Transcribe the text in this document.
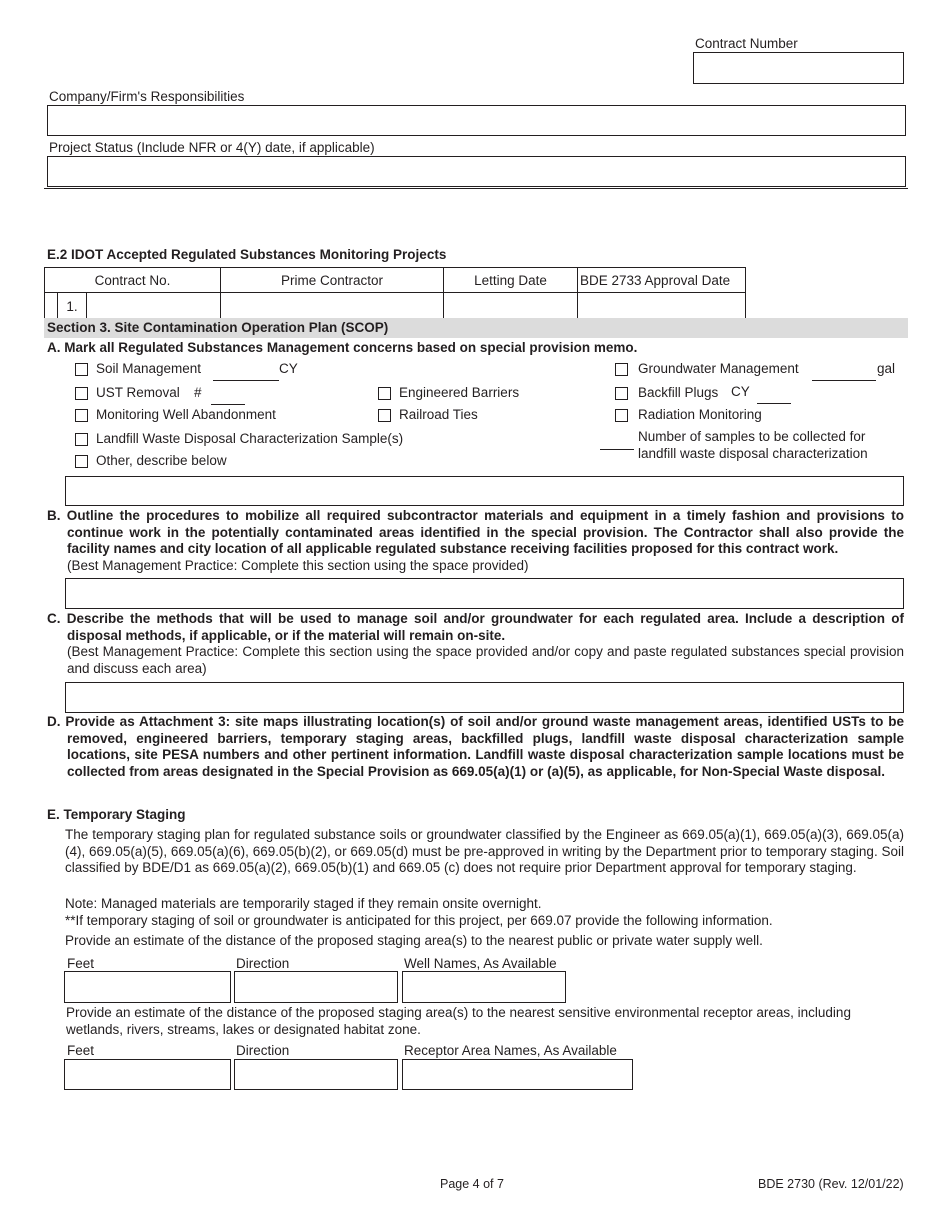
Contract Number
Company/Firm's Responsibilities
Project Status (Include NFR or 4(Y) date, if applicable)
E.2 IDOT Accepted Regulated Substances Monitoring Projects
Contract No.	Prime Contractor	Letting Date	BDE 2733 Approval Date

1.			

Section 3. Site Contamination Operation Plan (SCOP)
A. Mark all Regulated Substances Management concerns based on special provision memo.
Soil Management	CY
UST Removal #
Monitoring Well Abandonment
Landfill Waste Disposal Characterization Sample(s)
Other, describe below
Engineered Barriers
Railroad Ties
Groundwater Management	gal
Backfill Plugs CY
Radiation Monitoring
Number of samples to be collected for
landfill waste disposal characterization
B. Outline the procedures to mobilize all required subcontractor materials and equipment in a timely fashion and provisions to continue work in the potentially contaminated areas identified in the special provision. The Contractor shall also provide the facility names and city location of all applicable regulated substance receiving facilities proposed for this contract work.
(Best Management Practice: Complete this section using the space provided)
C. Describe the methods that will be used to manage soil and/or groundwater for each regulated area. Include a description of disposal methods, if applicable, or if the material will remain on-site.
(Best Management Practice: Complete this section using the space provided and/or copy and paste regulated substances special provision and discuss each area)
D. Provide as Attachment 3: site maps illustrating location(s) of soil and/or ground waste management areas, identified USTs to be removed, engineered barriers, temporary staging areas, backfilled plugs, landfill waste disposal characterization sample locations, site PESA numbers and other pertinent information. Landfill waste disposal characterization sample locations must be collected from areas designated in the Special Provision as 669.05(a)(1) or (a)(5), as applicable, for Non-Special Waste disposal.
E. Temporary Staging
The temporary staging plan for regulated substance soils or groundwater classified by the Engineer as 669.05(a)(1), 669.05(a)(3), 669.05(a)(4), 669.05(a)(5), 669.05(a)(6), 669.05(b)(2), or 669.05(d) must be pre-approved in writing by the Department prior to temporary staging. Soil classified by BDE/D1 as 669.05(a)(2), 669.05(b)(1) and 669.05 (c) does not require prior Department approval for temporary staging.
Note: Managed materials are temporarily staged if they remain onsite overnight.
**If temporary staging of soil or groundwater is anticipated for this project, per 669.07 provide the following information.
Provide an estimate of the distance of the proposed staging area(s) to the nearest public or private water supply well.
Feet	Direction	Well Names, As Available
Provide an estimate of the distance of the proposed staging area(s) to the nearest sensitive environmental receptor areas, including wetlands, rivers, streams, lakes or designated habitat zone.
Feet	Direction	Receptor Area Names, As Available
Page 4 of 7	BDE 2730 (Rev. 12/01/22)
